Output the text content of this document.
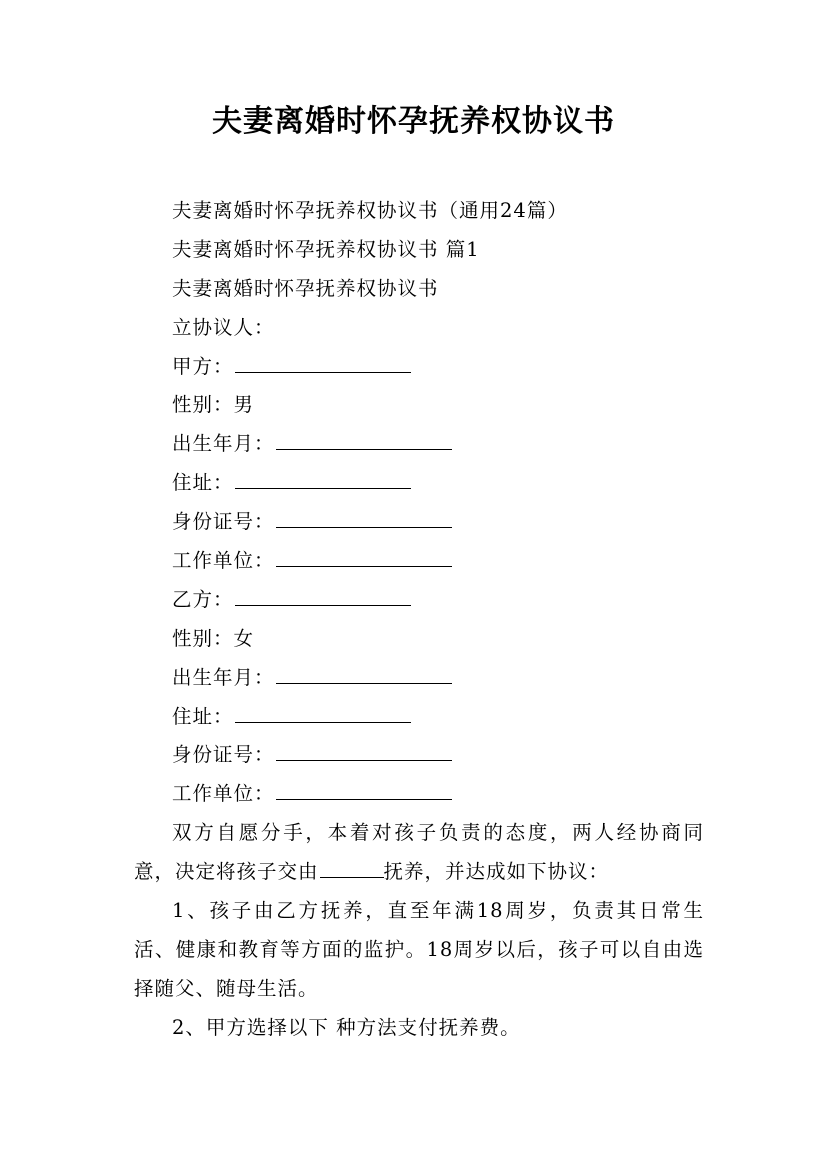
夫妻离婚时怀孕抚养权协议书

夫妻离婚时怀孕抚养权协议书（通用24篇）

夫妻离婚时怀孕抚养权协议书 篇1

夫妻离婚时怀孕抚养权协议书

立协议人：

甲方：

性别：男

出生年月：

住址：

身份证号：

工作单位：

乙方：

性别：女

出生年月：

住址：

身份证号：

工作单位：

双方自愿分手，本着对孩子负责的态度，两人经协商同意，决定将孩子交由	抚养，并达成如下协议：

1、孩子由乙方抚养，直至年满18周岁，负责其日常生活、健康和教育等方面的监护。18周岁以后，孩子可以自由选择随父、随母生活。

2、甲方选择以下 种方法支付抚养费。
